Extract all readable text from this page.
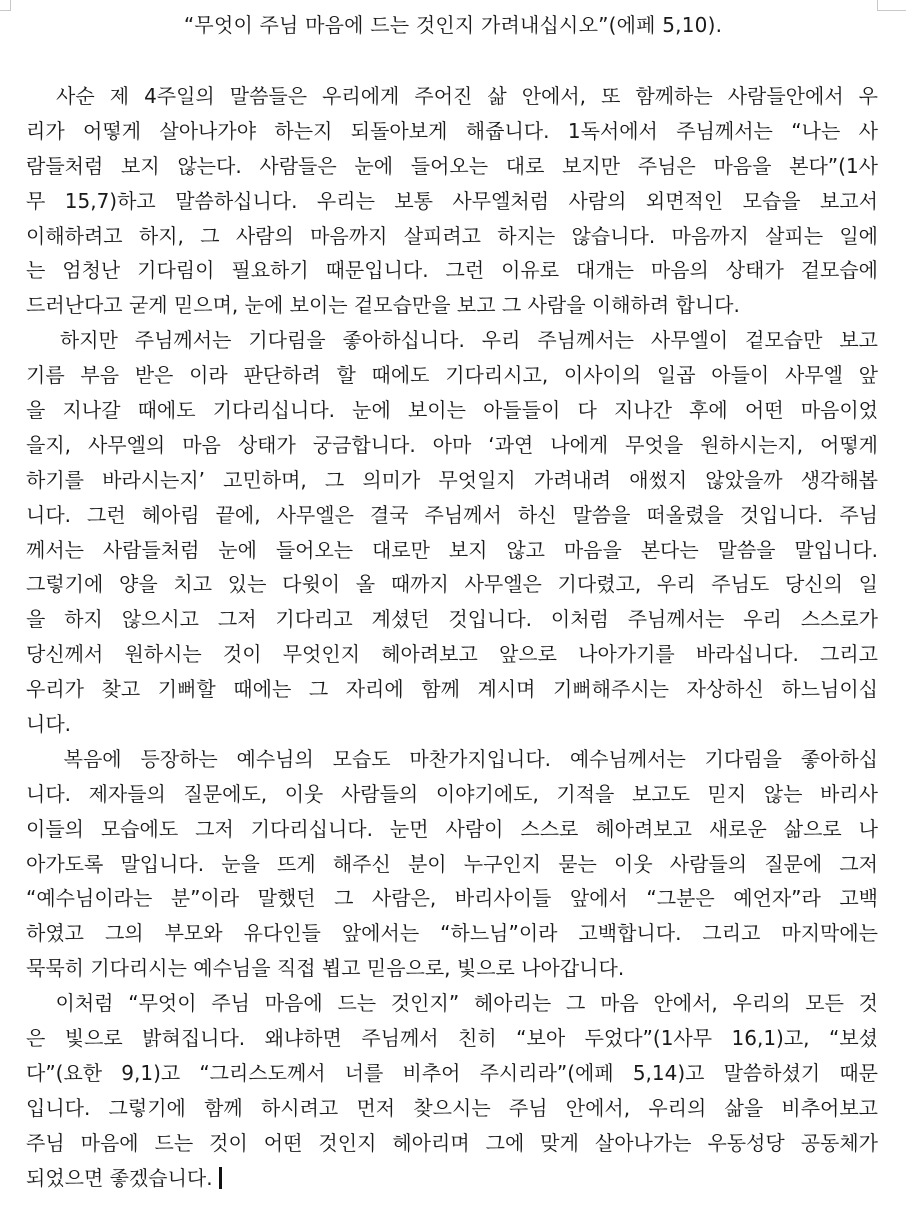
“무엇이 주님 마음에 드는 것인지 가려내십시오”(에페 5,10).
사순 제 4주일의 말씀들은 우리에게 주어진 삶 안에서, 또 함께하는 사람들안에서 우
리가 어떻게 살아나가야 하는지 되돌아보게 해줍니다. 1독서에서 주님께서는 “나는 사
람들처럼 보지 않는다. 사람들은 눈에 들어오는 대로 보지만 주님은 마음을 본다”(1사
무 15,7)하고 말씀하십니다. 우리는 보통 사무엘처럼 사람의 외면적인 모습을 보고서
이해하려고 하지, 그 사람의 마음까지 살피려고 하지는 않습니다. 마음까지 살피는 일에
는 엄청난 기다림이 필요하기 때문입니다. 그런 이유로 대개는 마음의 상태가 겉모습에
드러난다고 굳게 믿으며, 눈에 보이는 겉모습만을 보고 그 사람을 이해하려 합니다.
하지만 주님께서는 기다림을 좋아하십니다. 우리 주님께서는 사무엘이 겉모습만 보고
기름 부음 받은 이라 판단하려 할 때에도 기다리시고, 이사이의 일곱 아들이 사무엘 앞
을 지나갈 때에도 기다리십니다. 눈에 보이는 아들들이 다 지나간 후에 어떤 마음이었
을지, 사무엘의 마음 상태가 궁금합니다. 아마 ‘과연 나에게 무엇을 원하시는지, 어떻게
하기를 바라시는지’ 고민하며, 그 의미가 무엇일지 가려내려 애썼지 않았을까 생각해봅
니다. 그런 헤아림 끝에, 사무엘은 결국 주님께서 하신 말씀을 떠올렸을 것입니다. 주님
께서는 사람들처럼 눈에 들어오는 대로만 보지 않고 마음을 본다는 말씀을 말입니다.
그렇기에 양을 치고 있는 다윗이 올 때까지 사무엘은 기다렸고, 우리 주님도 당신의 일
을 하지 않으시고 그저 기다리고 계셨던 것입니다. 이처럼 주님께서는 우리 스스로가
당신께서 원하시는 것이 무엇인지 헤아려보고 앞으로 나아가기를 바라십니다. 그리고
우리가 찾고 기뻐할 때에는 그 자리에 함께 계시며 기뻐해주시는 자상하신 하느님이십
니다.
복음에 등장하는 예수님의 모습도 마찬가지입니다. 예수님께서는 기다림을 좋아하십
니다. 제자들의 질문에도, 이웃 사람들의 이야기에도, 기적을 보고도 믿지 않는 바리사
이들의 모습에도 그저 기다리십니다. 눈먼 사람이 스스로 헤아려보고 새로운 삶으로 나
아가도록 말입니다. 눈을 뜨게 해주신 분이 누구인지 묻는 이웃 사람들의 질문에 그저
“예수님이라는 분”이라 말했던 그 사람은, 바리사이들 앞에서 “그분은 예언자”라 고백
하였고 그의 부모와 유다인들 앞에서는 “하느님”이라 고백합니다. 그리고 마지막에는
묵묵히 기다리시는 예수님을 직접 뵙고 믿음으로, 빛으로 나아갑니다.
이처럼 “무엇이 주님 마음에 드는 것인지” 헤아리는 그 마음 안에서, 우리의 모든 것
은 빛으로 밝혀집니다. 왜냐하면 주님께서 친히 “보아 두었다”(1사무 16,1)고, “보셨
다”(요한 9,1)고 “그리스도께서 너를 비추어 주시리라”(에페 5,14)고 말씀하셨기 때문
입니다. 그렇기에 함께 하시려고 먼저 찾으시는 주님 안에서, 우리의 삶을 비추어보고
주님 마음에 드는 것이 어떤 것인지 헤아리며 그에 맞게 살아나가는 우동성당 공동체가
되었으면 좋겠습니다.
